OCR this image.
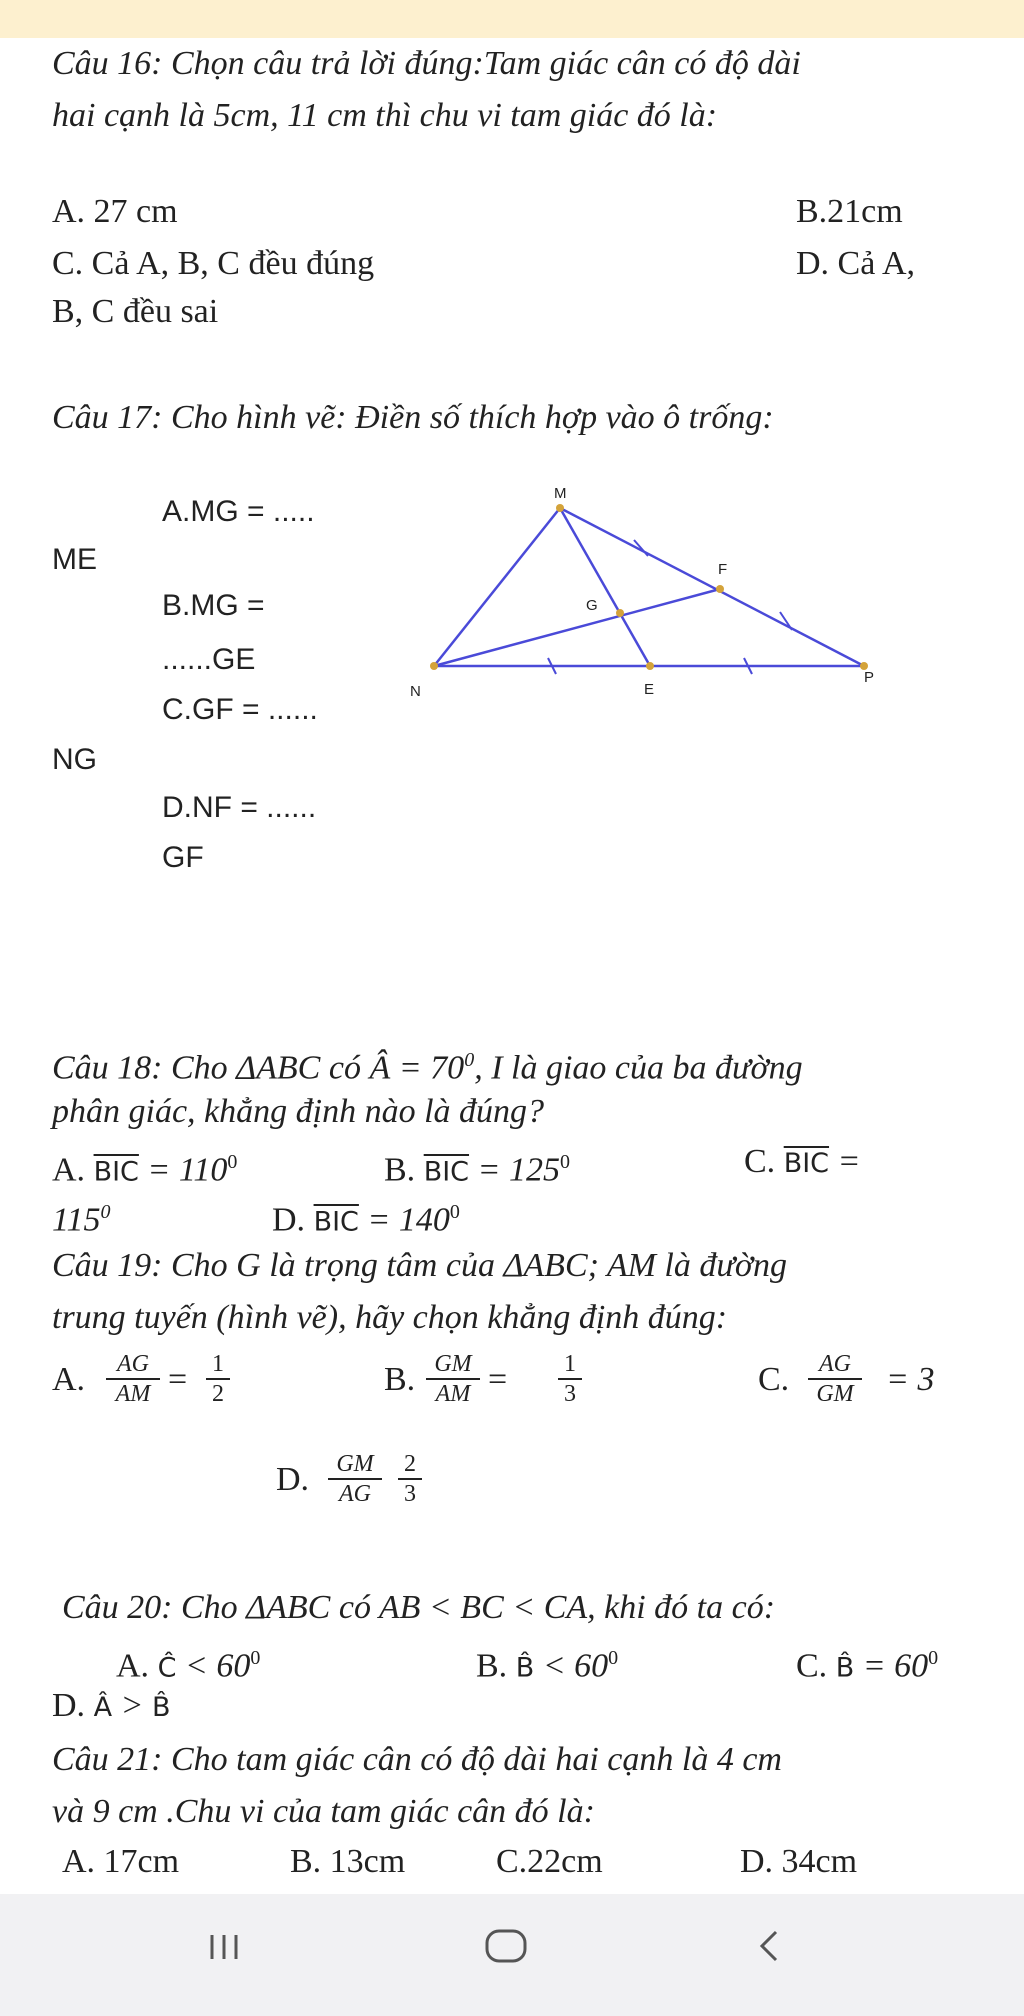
Câu 16: Chọn câu trả lời đúng:Tam giác cân có độ dài
hai cạnh là 5cm, 11 cm thì chu vi tam giác đó là:
A. 27 cm	B.21cm
C. Cả A, B, C đều đúng	D. Cả A,
B, C đều sai
Câu 17: Cho hình vẽ: Điền số thích hợp vào ô trống:
A.MG = .....
ME
B.MG =
......GE
C.GF = ......
NG
D.NF = ......
GF
M
F
G
N	E
P
Câu 18: Cho ΔABC có Â = $70^0$, I là giao của ba đường
phân giác, khẳng định nào là đúng?
A. $\overline{BIC} = 110^0$	B. $\overline{BIC} = 125^0$	C. $\overline{BIC}$ =
$115^0$	D. $\overline{BIC} = 140^0$
Câu 19: Cho G là trọng tâm của ΔABC; AM là đường
trung tuyến (hình vẽ), hãy chọn khẳng định đúng:
A. $\frac{AG}{AM} = \frac{1}{2}$	B. $\frac{GM}{AM} = \frac{1}{3}$	C. $\frac{AG}{GM} = 3$
D. $\frac{GM}{AG} \frac{2}{3}$
Câu 20: Cho ΔABC có AB < BC < CA, khi đó ta có:
A. Ĉ < $60^0$	B. B̂ < $60^0$	C. B̂ = $60^0$
D. Â > B̂
Câu 21: Cho tam giác cân có độ dài hai cạnh là 4 cm
và 9 cm .Chu vi của tam giác cân đó là:
A. 17cm	B. 13cm	C.22cm	D. 34cm
